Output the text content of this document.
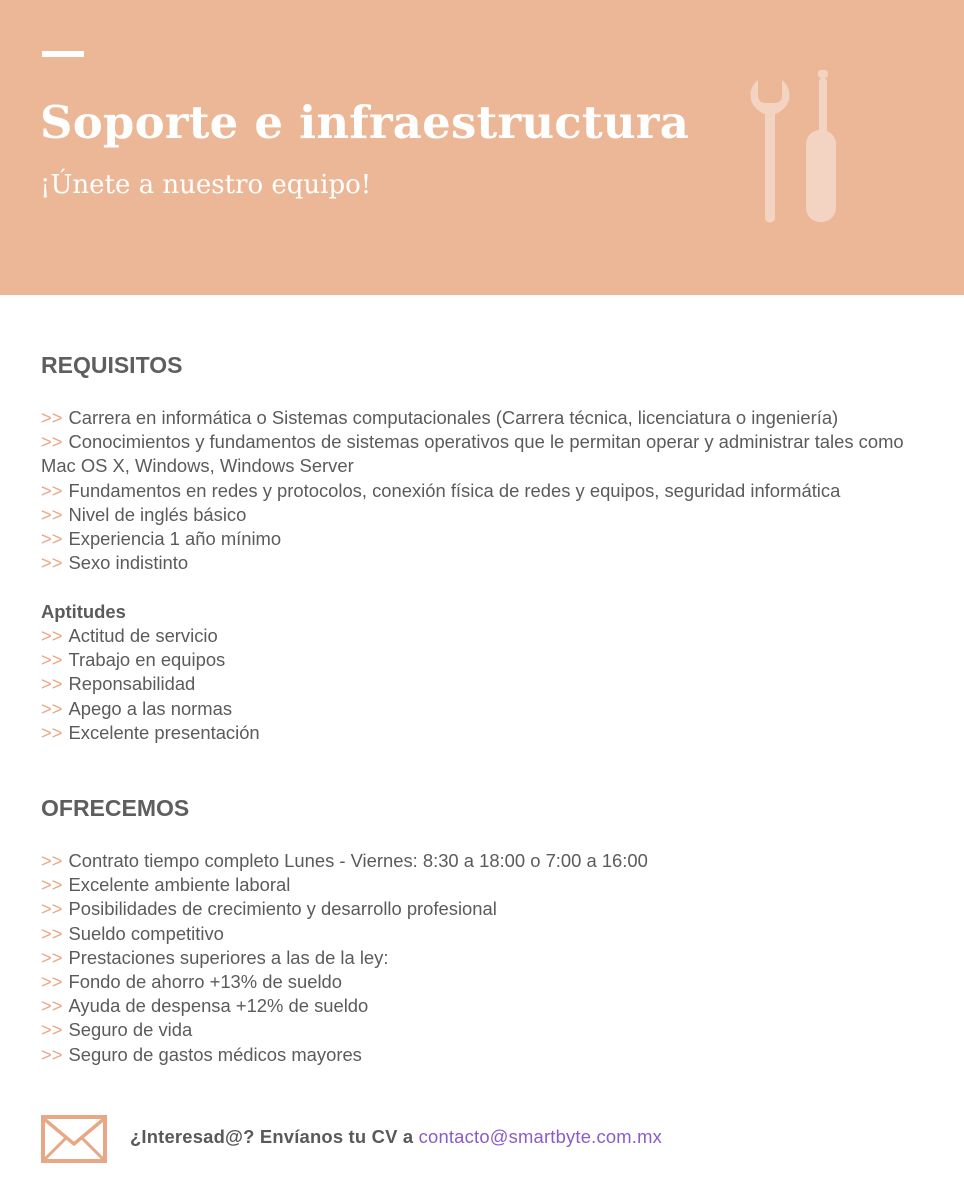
Soporte e infraestructura
¡Únete a nuestro equipo!
REQUISITOS
>> Carrera en informática o Sistemas computacionales (Carrera técnica, licenciatura o ingeniería)
>> Conocimientos y fundamentos de sistemas operativos que le permitan operar y administrar tales como Mac OS X, Windows, Windows Server
>> Fundamentos en redes y protocolos, conexión física de redes y equipos, seguridad informática
>> Nivel de inglés básico
>> Experiencia 1 año mínimo
>> Sexo indistinto
Aptitudes
>> Actitud de servicio
>> Trabajo en equipos
>> Reponsabilidad
>> Apego a las normas
>> Excelente presentación
OFRECEMOS
>> Contrato tiempo completo Lunes - Viernes: 8:30 a 18:00 o 7:00 a 16:00
>> Excelente ambiente laboral
>> Posibilidades de crecimiento y desarrollo profesional
>> Sueldo competitivo
>> Prestaciones superiores a las de la ley:
>> Fondo de ahorro +13% de sueldo
>> Ayuda de despensa +12% de sueldo
>> Seguro de vida
>> Seguro de gastos médicos mayores
¿Interesad@? Envíanos tu CV a contacto@smartbyte.com.mx
